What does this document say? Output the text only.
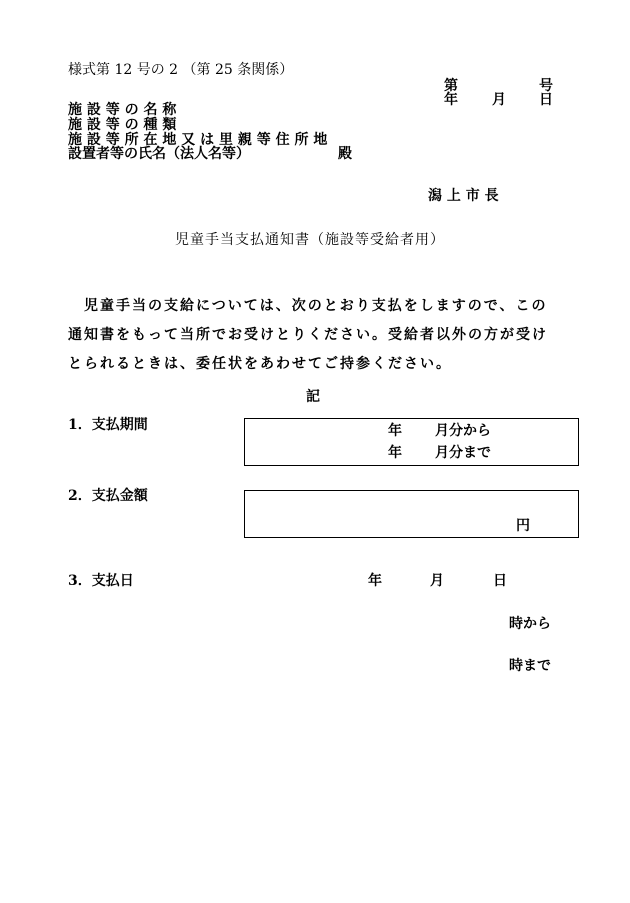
様式第 12 号の 2 （第 25 条関係）
第	号
年 月 日
施 設 等 の 名 称
施 設 等 の 種 類
施 設 等 所 在 地 又 は 里 親 等 住 所 地
設置者等の氏名（法人名等）	殿
潟 上 市 長
児童手当支払通知書（施設等受給者用）
児童手当の支給については、次のとおり支払をしますので、この通知書をもって当所でお受けとりください。受給者以外の方が受けとられるときは、委任状をあわせてご持参ください。
記
1．支払期間	年 月分から
年 月分まで
2．支払金額
円
3．支払日	年	月	日
時から
時まで
